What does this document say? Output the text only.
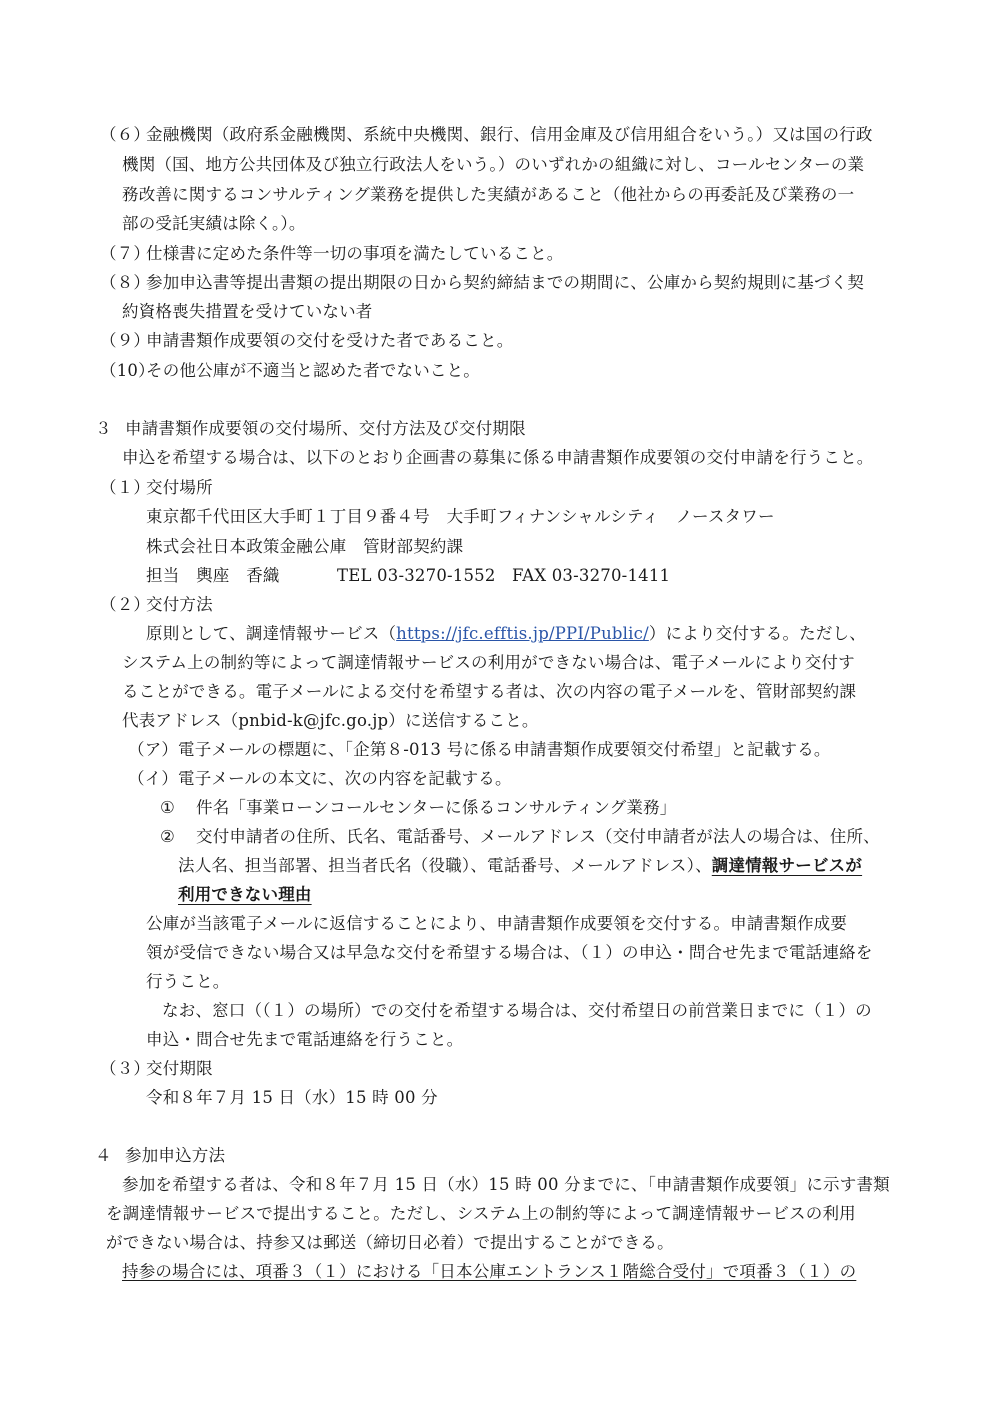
（６）
金融機関（政府系金融機関、系統中央機関、銀行、信用金庫及び信用組合をいう。）又は国の行政
機関（国、地方公共団体及び独立行政法人をいう。）のいずれかの組織に対し、コールセンターの業
務改善に関するコンサルティング業務を提供した実績があること（他社からの再委託及び業務の一
部の受託実績は除く。）。
（７）
仕様書に定めた条件等一切の事項を満たしていること。
（８）
参加申込書等提出書類の提出期限の日から契約締結までの期間に、公庫から契約規則に基づく契
約資格喪失措置を受けていない者
（９）
申請書類作成要領の交付を受けた者であること。
（10）
その他公庫が不適当と認めた者でないこと。
３ 申請書類作成要領の交付場所、交付方法及び交付期限
申込を希望する場合は、以下のとおり企画書の募集に係る申請書類作成要領の交付申請を行うこと。
（１）
交付場所
東京都千代田区大手町１丁目９番４号　大手町フィナンシャルシティ　ノースタワー
株式会社日本政策金融公庫　管財部契約課
担当　輿座　香織	TEL 03-3270-1552 FAX 03-3270-1411
（２）
交付方法
原則として、調達情報サービス（https://jfc.efftis.jp/PPI/Public/）により交付する。ただし、
システム上の制約等によって調達情報サービスの利用ができない場合は、電子メールにより交付す
ることができる。電子メールによる交付を希望する者は、次の内容の電子メールを、管財部契約課
代表アドレス（pnbid-k@jfc.go.jp）に送信すること。
（ア） 電子メールの標題に、「企第８-013 号に係る申請書類作成要領交付希望」と記載する。
（イ） 電子メールの本文に、次の内容を記載する。
① 件名「事業ローンコールセンターに係るコンサルティング業務」
② 交付申請者の住所、氏名、電話番号、メールアドレス（交付申請者が法人の場合は、住所、
法人名、担当部署、担当者氏名（役職）、電話番号、メールアドレス）、調達情報サービスが
利用できない理由
公庫が当該電子メールに返信することにより、申請書類作成要領を交付する。申請書類作成要
領が受信できない場合又は早急な交付を希望する場合は、（１）の申込・問合せ先まで電話連絡を
行うこと。
なお、窓口（（１）の場所）での交付を希望する場合は、交付希望日の前営業日までに（１）の
申込・問合せ先まで電話連絡を行うこと。
（３）
交付期限
令和８年７月 15 日（水）15 時 00 分
４ 参加申込方法
参加を希望する者は、令和８年７月 15 日（水）15 時 00 分までに、「申請書類作成要領」に示す書類
を調達情報サービスで提出すること。ただし、システム上の制約等によって調達情報サービスの利用
ができない場合は、持参又は郵送（締切日必着）で提出することができる。
持参の場合には、項番３（１）における「日本公庫エントランス１階総合受付」で項番３（１）の
